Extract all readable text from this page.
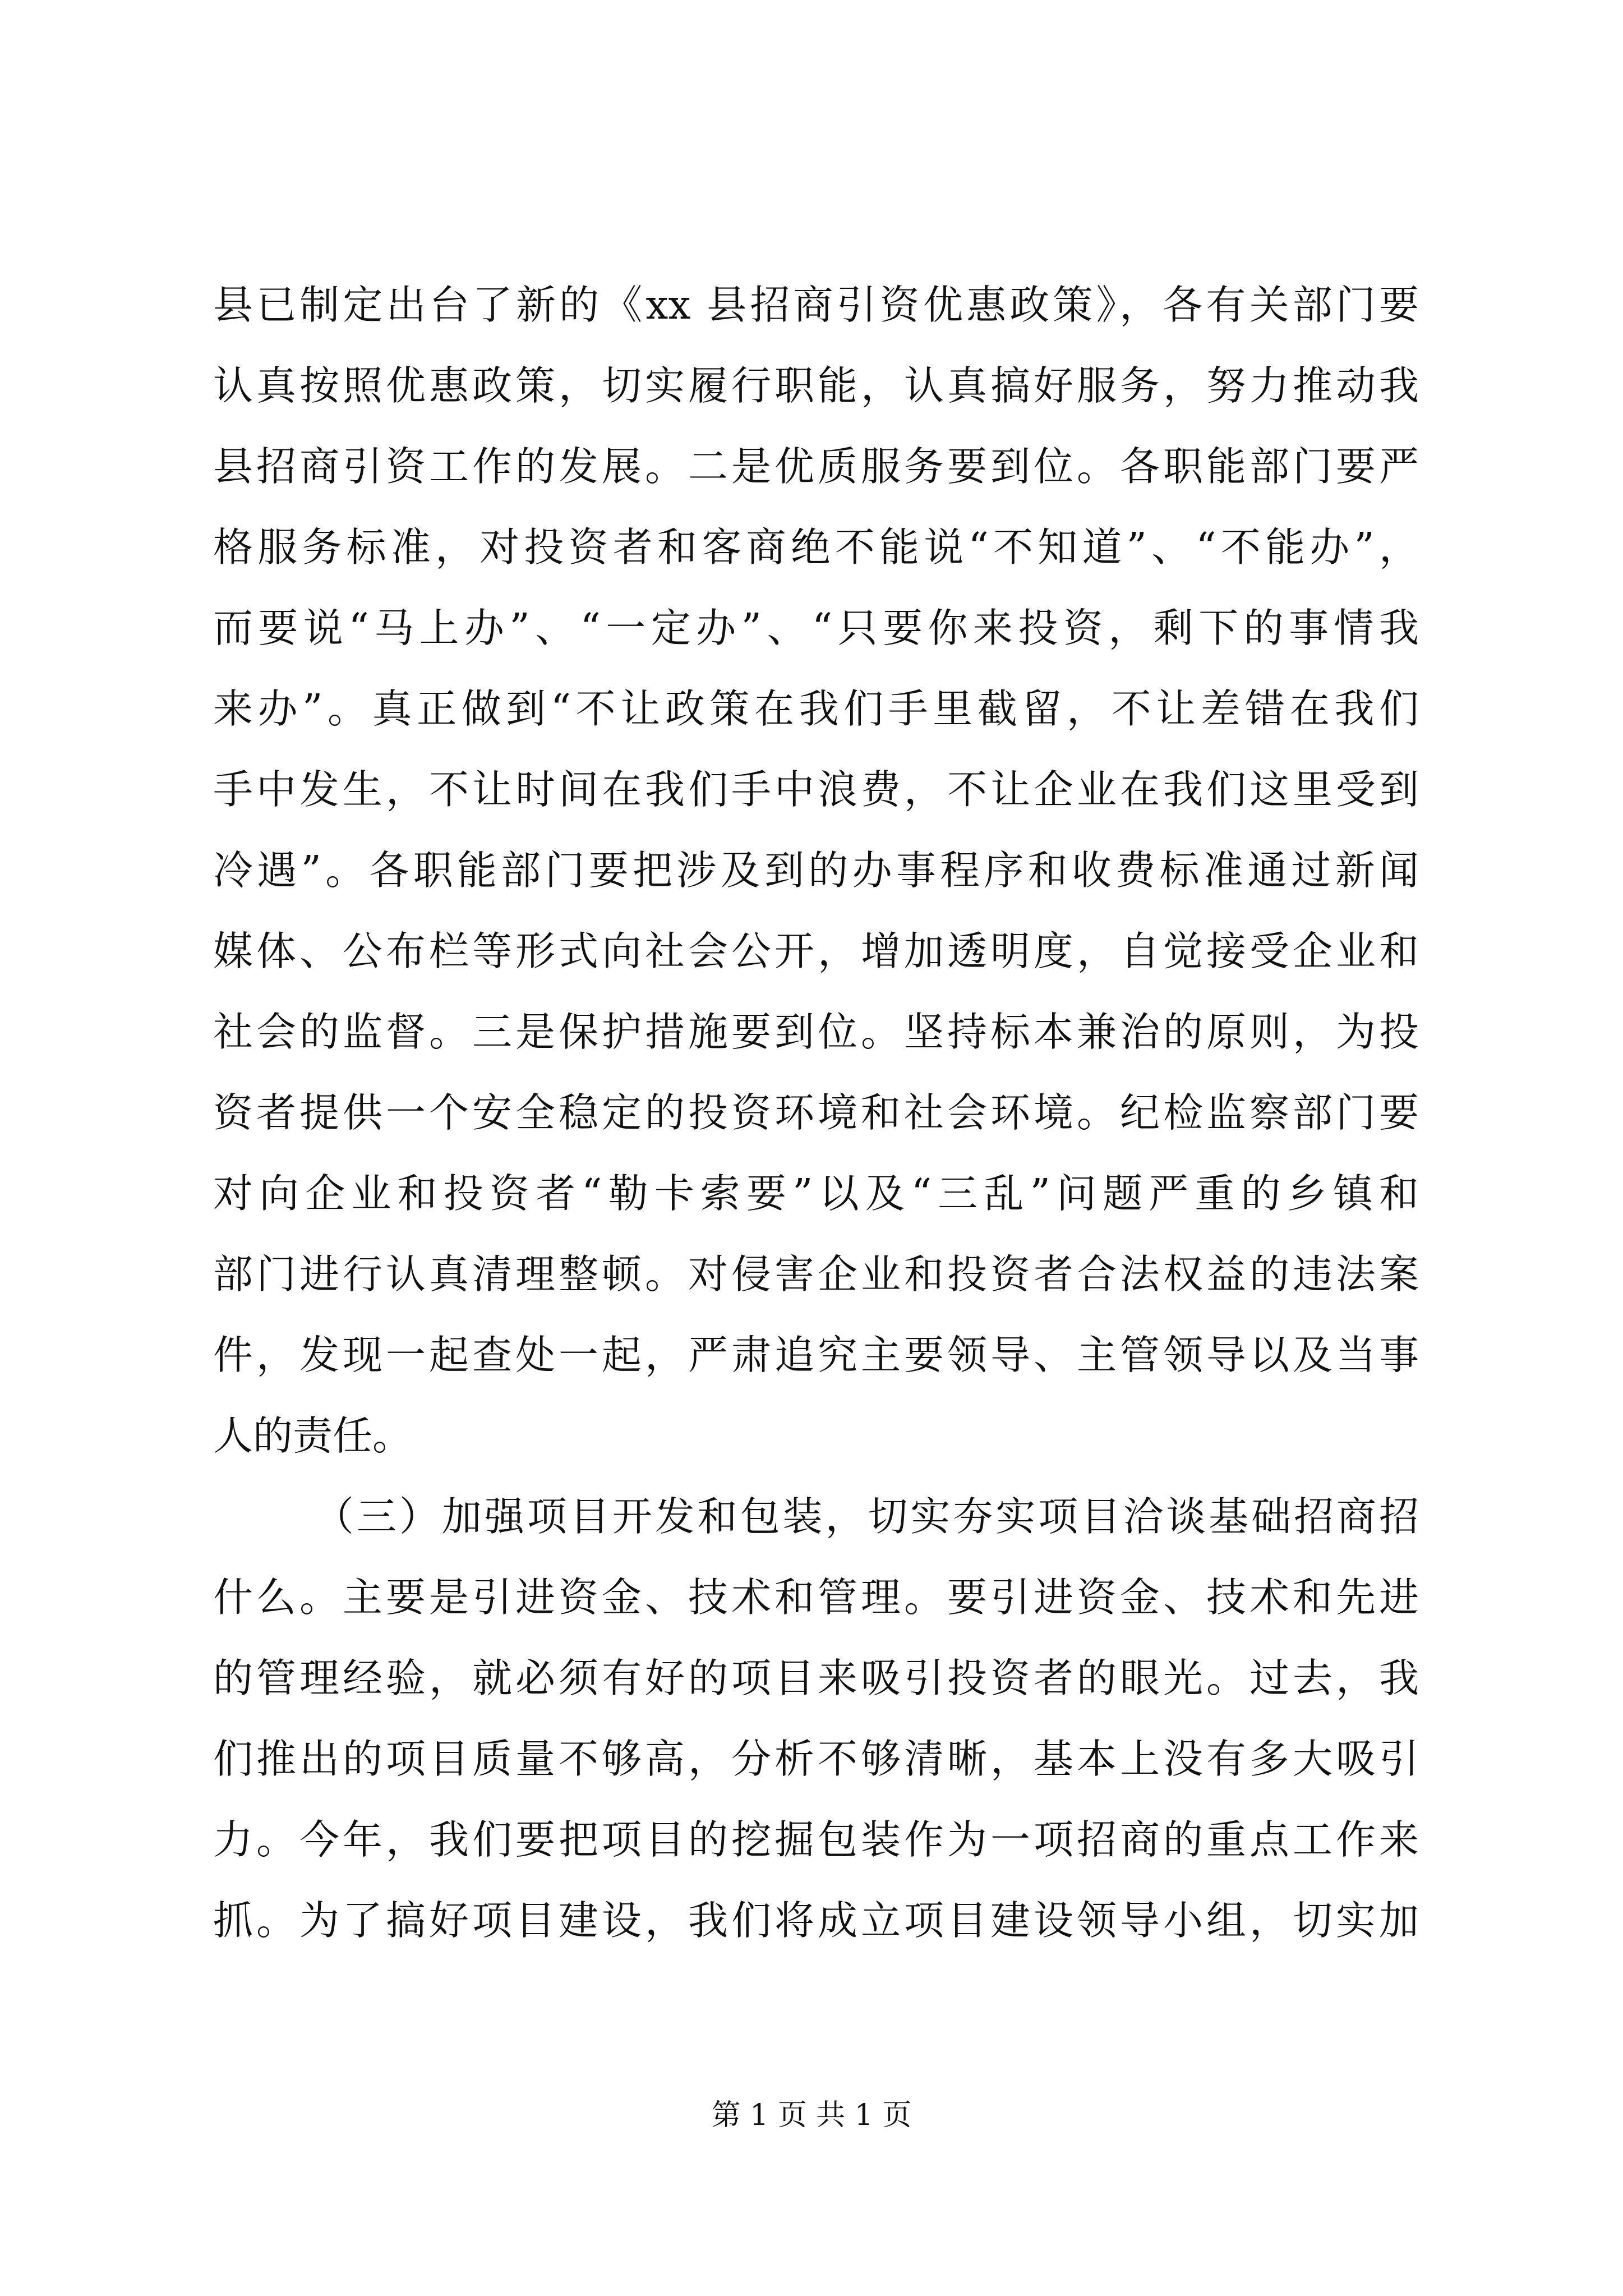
县已制定出台了新的《xx 县招商引资优惠政策》，各有关部门要
认真按照优惠政策，切实履行职能，认真搞好服务，努力推动我
县招商引资工作的发展。二是优质服务要到位。各职能部门要严
格服务标准，对投资者和客商绝不能说“不知道”、“不能办”，
而要说“马上办”、“一定办”、“只要你来投资，剩下的事情我
来办”。真正做到“不让政策在我们手里截留，不让差错在我们
手中发生，不让时间在我们手中浪费，不让企业在我们这里受到
冷遇”。各职能部门要把涉及到的办事程序和收费标准通过新闻
媒体、公布栏等形式向社会公开，增加透明度，自觉接受企业和
社会的监督。三是保护措施要到位。坚持标本兼治的原则，为投
资者提供一个安全稳定的投资环境和社会环境。纪检监察部门要
对向企业和投资者“勒卡索要”以及“三乱”问题严重的乡镇和
部门进行认真清理整顿。对侵害企业和投资者合法权益的违法案
件，发现一起查处一起，严肃追究主要领导、主管领导以及当事
人的责任。
（三）加强项目开发和包装，切实夯实项目洽谈基础招商招
什么。主要是引进资金、技术和管理。要引进资金、技术和先进
的管理经验，就必须有好的项目来吸引投资者的眼光。过去，我
们推出的项目质量不够高，分析不够清晰，基本上没有多大吸引
力。今年，我们要把项目的挖掘包装作为一项招商的重点工作来
抓。为了搞好项目建设，我们将成立项目建设领导小组，切实加
第 1 页 共 1 页
